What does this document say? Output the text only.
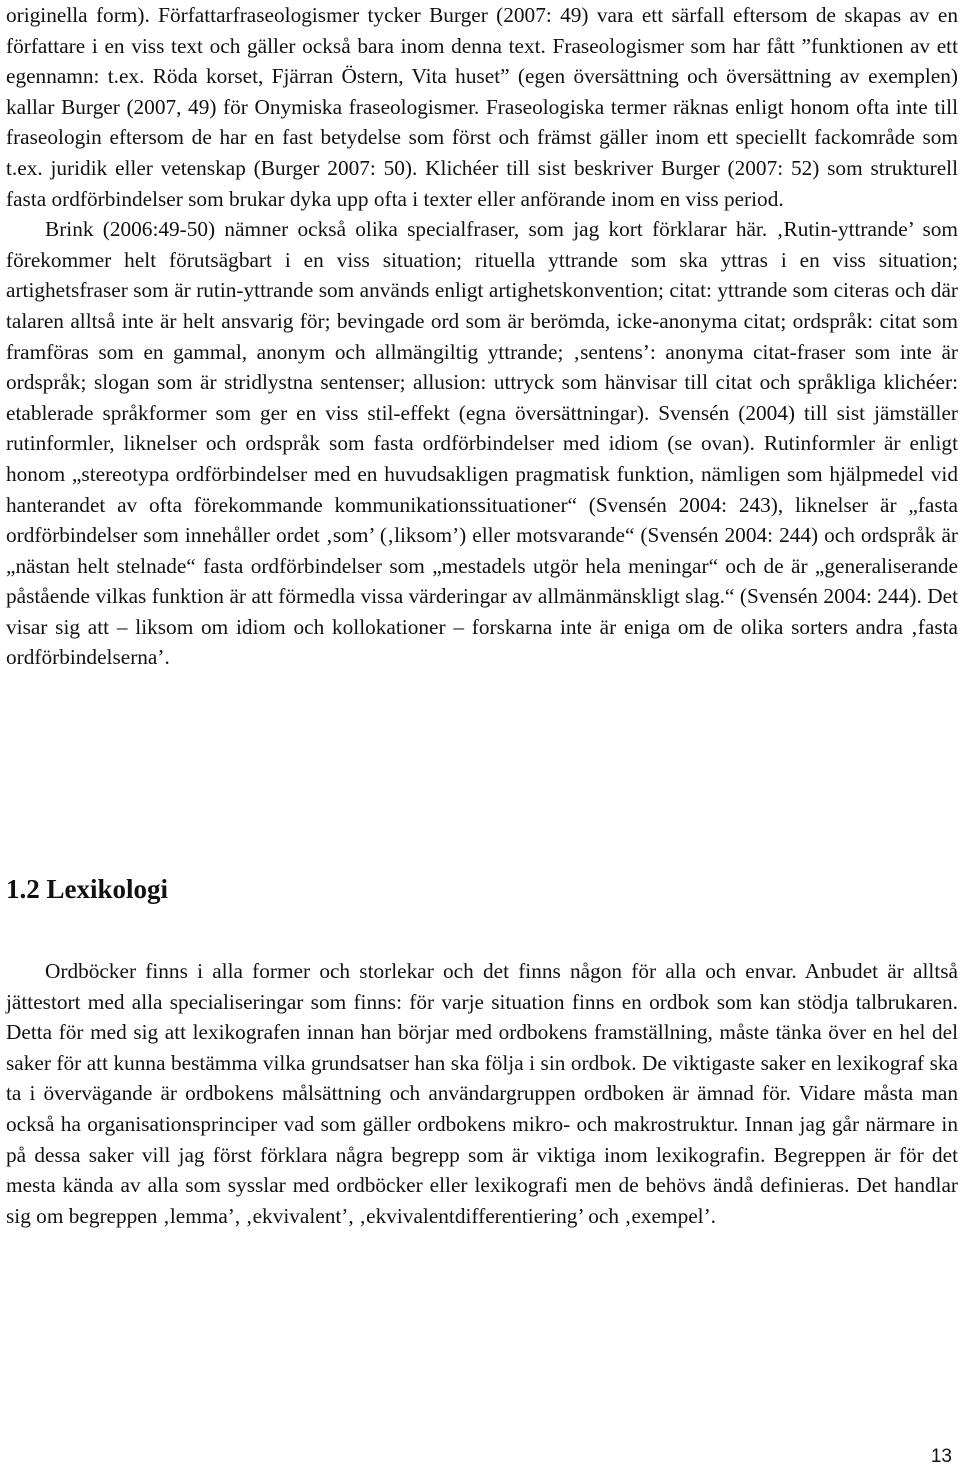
originella form). Författarfraseologismer tycker Burger (2007: 49) vara ett särfall eftersom de skapas av en författare i en viss text och gäller också bara inom denna text. Fraseologismer som har fått ”funktionen av ett egennamn: t.ex. Röda korset, Fjärran Östern, Vita huset” (egen översättning och översättning av exemplen) kallar Burger (2007, 49) för Onymiska fraseologismer. Fraseologiska termer räknas enligt honom ofta inte till fraseologin eftersom de har en fast betydelse som först och främst gäller inom ett speciellt fackområde som t.ex. juridik eller vetenskap (Burger 2007: 50). Klichéer till sist beskriver Burger (2007: 52) som strukturell fasta ordförbindelser som brukar dyka upp ofta i texter eller anförande inom en viss period.

Brink (2006:49-50) nämner också olika specialfraser, som jag kort förklarar här. ‚Rutin-yttrande’ som förekommer helt förutsägbart i en viss situation; rituella yttrande som ska yttras i en viss situation; artighetsfraser som är rutin-yttrande som används enligt artighetskonvention; citat: yttrande som citeras och där talaren alltså inte är helt ansvarig för; bevingade ord som är berömda, icke-anonyma citat; ordspråk: citat som framföras som en gammal, anonym och allmängiltig yttrande; ‚sentens’: anonyma citat-fraser som inte är ordspråk; slogan som är stridlystna sentenser; allusion: uttryck som hänvisar till citat och språkliga klichéer: etablerade språkformer som ger en viss stil-effekt (egna översättningar). Svensén (2004) till sist jämställer rutinformler, liknelser och ordspråk som fasta ordförbindelser med idiom (se ovan). Rutinformler är enligt honom „stereotypa ordförbindelser med en huvudsakligen pragmatisk funktion, nämligen som hjälpmedel vid hanterandet av ofta förekommande kommunikationssituationer“ (Svensén 2004: 243), liknelser är „fasta ordförbindelser som innehåller ordet ‚som’ (‚liksom’) eller motsvarande“ (Svensén 2004: 244) och ordspråk är „nästan helt stelnade“ fasta ordförbindelser som „mestadels utgör hela meningar“ och de är „generaliserande påstående vilkas funktion är att förmedla vissa värderingar av allmänmänskligt slag.“ (Svensén 2004: 244). Det visar sig att – liksom om idiom och kollokationer – forskarna inte är eniga om de olika sorters andra ‚fasta ordförbindelserna’.

1.2 Lexikologi

Ordböcker finns i alla former och storlekar och det finns någon för alla och envar. Anbudet är alltså jättestort med alla specialiseringar som finns: för varje situation finns en ordbok som kan stödja talbrukaren. Detta för med sig att lexikografen innan han börjar med ordbokens framställning, måste tänka över en hel del saker för att kunna bestämma vilka grundsatser han ska följa i sin ordbok. De viktigaste saker en lexikograf ska ta i övervägande är ordbokens målsättning och användargruppen ordboken är ämnad för. Vidare måsta man också ha organisationsprinciper vad som gäller ordbokens mikro- och makrostruktur. Innan jag går närmare in på dessa saker vill jag först förklara några begrepp som är viktiga inom lexikografin. Begreppen är för det mesta kända av alla som sysslar med ordböcker eller lexikografi men de behövs ändå definieras. Det handlar sig om begreppen ‚lemma’, ‚ekvivalent’, ‚ekvivalentdifferentiering’ och ‚exempel’.

13
